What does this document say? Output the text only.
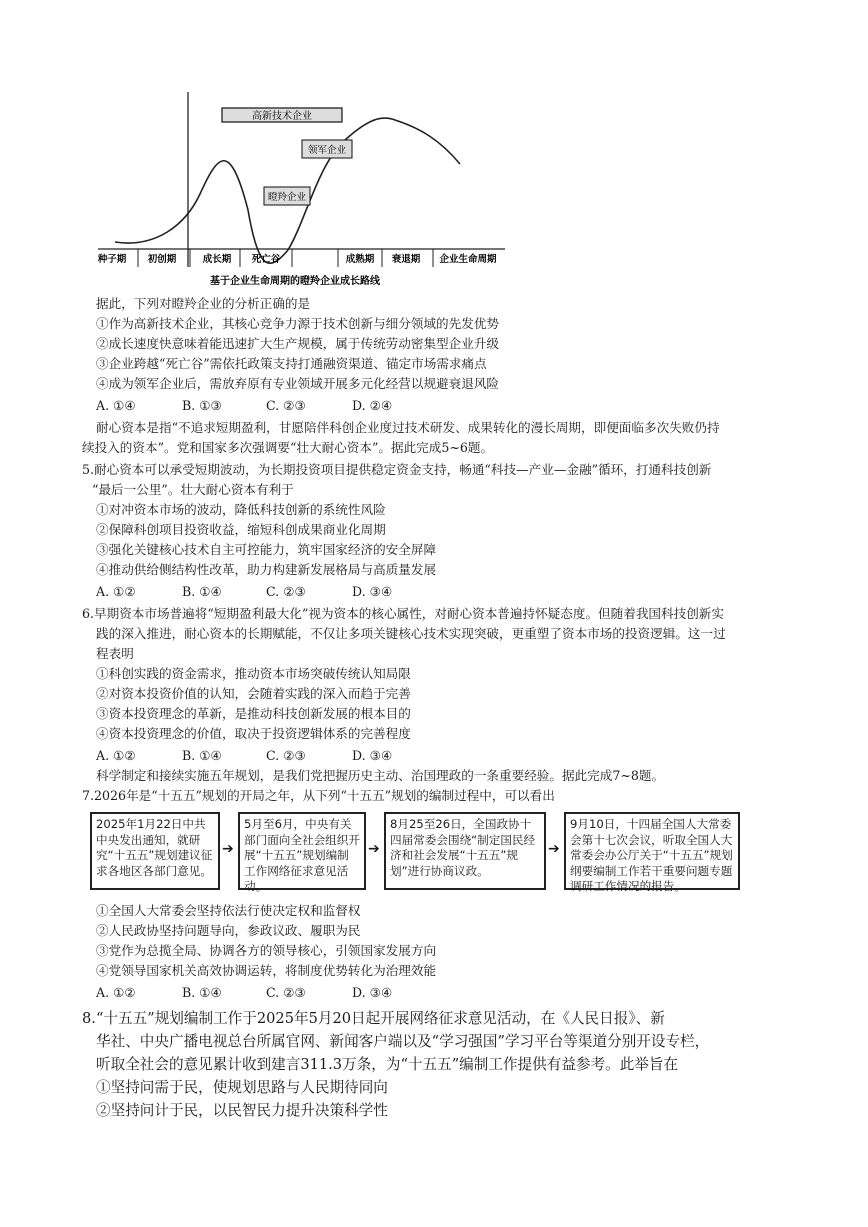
高新技术企业
领军企业
瞪羚企业
种子期 初创期	成长期 死亡谷	成熟期 衰退期 企业生命周期
基于企业生命周期的瞪羚企业成长路线
据此，下列对瞪羚企业的分析正确的是
①作为高新技术企业，其核心竞争力源于技术创新与细分领域的先发优势
②成长速度快意味着能迅速扩大生产规模，属于传统劳动密集型企业升级
③企业跨越“死亡谷”需依托政策支持打通融资渠道、锚定市场需求痛点
④成为领军企业后，需放弃原有专业领域开展多元化经营以规避衰退风险
A. ①④	B. ①③	C. ②③	D. ②④
耐心资本是指“不追求短期盈利，甘愿陪伴科创企业度过技术研发、成果转化的漫长周期，即便面临多次失败仍持
续投入的资本”。党和国家多次强调要“壮大耐心资本”。据此完成5~6题。
5.耐心资本可以承受短期波动，为长期投资项目提供稳定资金支持，畅通“科技—产业—金融”循环，打通科技创新
“最后一公里”。壮大耐心资本有利于
①对冲资本市场的波动，降低科技创新的系统性风险
②保障科创项目投资收益，缩短科创成果商业化周期
③强化关键核心技术自主可控能力，筑牢国家经济的安全屏障
④推动供给侧结构性改革，助力构建新发展格局与高质量发展
A. ①②	B. ①④	C. ②③	D. ③④
6.早期资本市场普遍将“短期盈利最大化”视为资本的核心属性，对耐心资本普遍持怀疑态度。但随着我国科技创新实
践的深入推进，耐心资本的长期赋能，不仅让多项关键核心技术实现突破，更重塑了资本市场的投资逻辑。这一过
程表明
①科创实践的资金需求，推动资本市场突破传统认知局限
②对资本投资价值的认知，会随着实践的深入而趋于完善
③资本投资理念的革新，是推动科技创新发展的根本目的
④资本投资理念的价值，取决于投资逻辑体系的完善程度
A. ①②	B. ①④	C. ②③	D. ③④
科学制定和接续实施五年规划，是我们党把握历史主动、治国理政的一条重要经验。据此完成7~8题。
7.2026年是“十五五”规划的开局之年，从下列“十五五”规划的编制过程中，可以看出
2025年1月22日中共中央发出通知，就研究“十五五”规划建议征求各地区各部门意见。
➔
5月至6月，中央有关部门面向全社会组织开展“十五五”规划编制工作网络征求意见活动。
➔
8月25至26日，全国政协十四届常委会围绕“制定国民经济和社会发展“十五五”规划”进行协商议政。
➔
9月10日，十四届全国人大常委会第十七次会议，听取全国人大常委会办公厅关于“十五五”规划纲要编制工作若干重要问题专题调研工作情况的报告。
①全国人大常委会坚持依法行使决定权和监督权
②人民政协坚持问题导向，参政议政、履职为民
③党作为总揽全局、协调各方的领导核心，引领国家发展方向
④党领导国家机关高效协调运转，将制度优势转化为治理效能
A. ①②	B. ①④	C. ②③	D. ③④
8. “十五五”规划编制工作于2025年5月20日起开展网络征求意见活动，在《人民日报》、新
华社、中央广播电视总台所属官网、新闻客户端以及“学习强国”学习平台等渠道分别开设专栏，
听取全社会的意见累计收到建言311.3万条，为“十五五”编制工作提供有益参考。此举旨在
①坚持问需于民，使规划思路与人民期待同向
②坚持问计于民，以民智民力提升决策科学性
